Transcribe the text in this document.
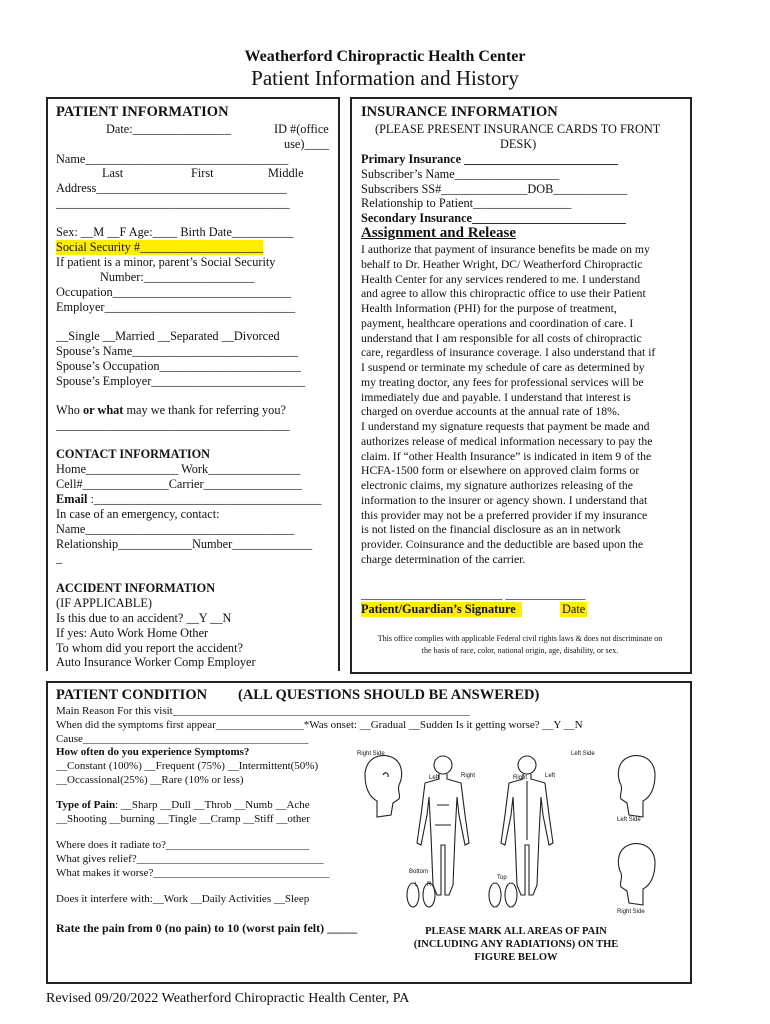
Weatherford Chiropractic Health Center
Patient Information and History
PATIENT INFORMATION
Date:________________	ID #(office
use)____
Name_________________________________
Last	First	Middle
Address_______________________________
______________________________________
Sex: __M __F Age:____ Birth Date__________
Social Security #____________________
If patient is a minor, parent’s Social Security
Number:__________________
Occupation_____________________________
Employer_______________________________
__Single __Married __Separated __Divorced
Spouse’s Name___________________________
Spouse’s Occupation_______________________
Spouse’s Employer_________________________
Who or what may we thank for referring you?
______________________________________
CONTACT INFORMATION
Home_______________ Work_______________
Cell#______________Carrier________________
Email :_____________________________________
In case of an emergency, contact:
Name__________________________________
Relationship____________Number_____________
_
ACCIDENT INFORMATION
(IF APPLICABLE)
Is this due to an accident? __Y __N
If yes: Auto Work Home Other
To whom did you report the accident?
Auto Insurance Worker Comp Employer
INSURANCE INFORMATION
(PLEASE PRESENT INSURANCE CARDS TO FRONT
DESK)
Primary Insurance _________________________
Subscriber’s Name_________________
Subscribers SS#______________DOB____________
Relationship to Patient________________
Secondary Insurance_________________________
Assignment and Release
I authorize that payment of insurance benefits be made on my
behalf to Dr. Heather Wright, DC/ Weatherford Chiropractic
Health Center for any services rendered to me. I understand
and agree to allow this chiropractic office to use their Patient
Health Information (PHI) for the purpose of treatment,
payment, healthcare operations and coordination of care. I
understand that I am responsible for all costs of chiropractic
care, regardless of insurance coverage. I also understand that if
I suspend or terminate my schedule of care as determined by
my treating doctor, any fees for professional services will be
immediately due and payable. I understand that interest is
charged on overdue accounts at the annual rate of 18%.
I understand my signature requests that payment be made and
authorizes release of medical information necessary to pay the
claim. If “other Health Insurance” is indicated in item 9 of the
HCFA-1500 form or elsewhere on approved claim forms or
electronic claims, my signature authorizes releasing of the
information to the insurer or agency shown. I understand that
this provider may not be a preferred provider if my insurance
is not listed on the financial disclosure as an in network
provider. Coinsurance and the deductible are based upon the
charge determination of the carrier.
_______________________ _____________
Patient/Guardian’s Signature	Date
This office complies with applicable Federal civil rights laws & does not discriminate on
the basis of race, color, national origin, age, disability, or sex.
PATIENT CONDITION (ALL QUESTIONS SHOULD BE ANSWERED)
Main Reason For this visit______________________________________________________
When did the symptoms first appear________________*Was onset: __Gradual __Sudden Is it getting worse? __Y __N
Cause_________________________________________
How often do you experience Symptoms?
__Constant (100%) __Frequent (75%) __Intermittent(50%)
__Occassional(25%) __Rare (10% or less)
Type of Pain: __Sharp __Dull __Throb __Numb __Ache
__Shooting __burning __Tingle __Cramp __Stiff __other
Where does it radiate to?__________________________
What gives relief?__________________________________
What makes it worse?________________________________
Does it interfere with:__Work __Daily Activities __Sleep
Rate the pain from 0 (no pain) to 10 (worst pain felt) _____	PLEASE MARK ALL AREAS OF PAIN
(INCLUDING ANY RADIATIONS) ON THE
FIGURE BELOW
Right Side	Left Side
Left	Right	Right	Left
Left Side
Bottom
Top
L R
Right Side
Revised 09/20/2022 Weatherford Chiropractic Health Center, PA
